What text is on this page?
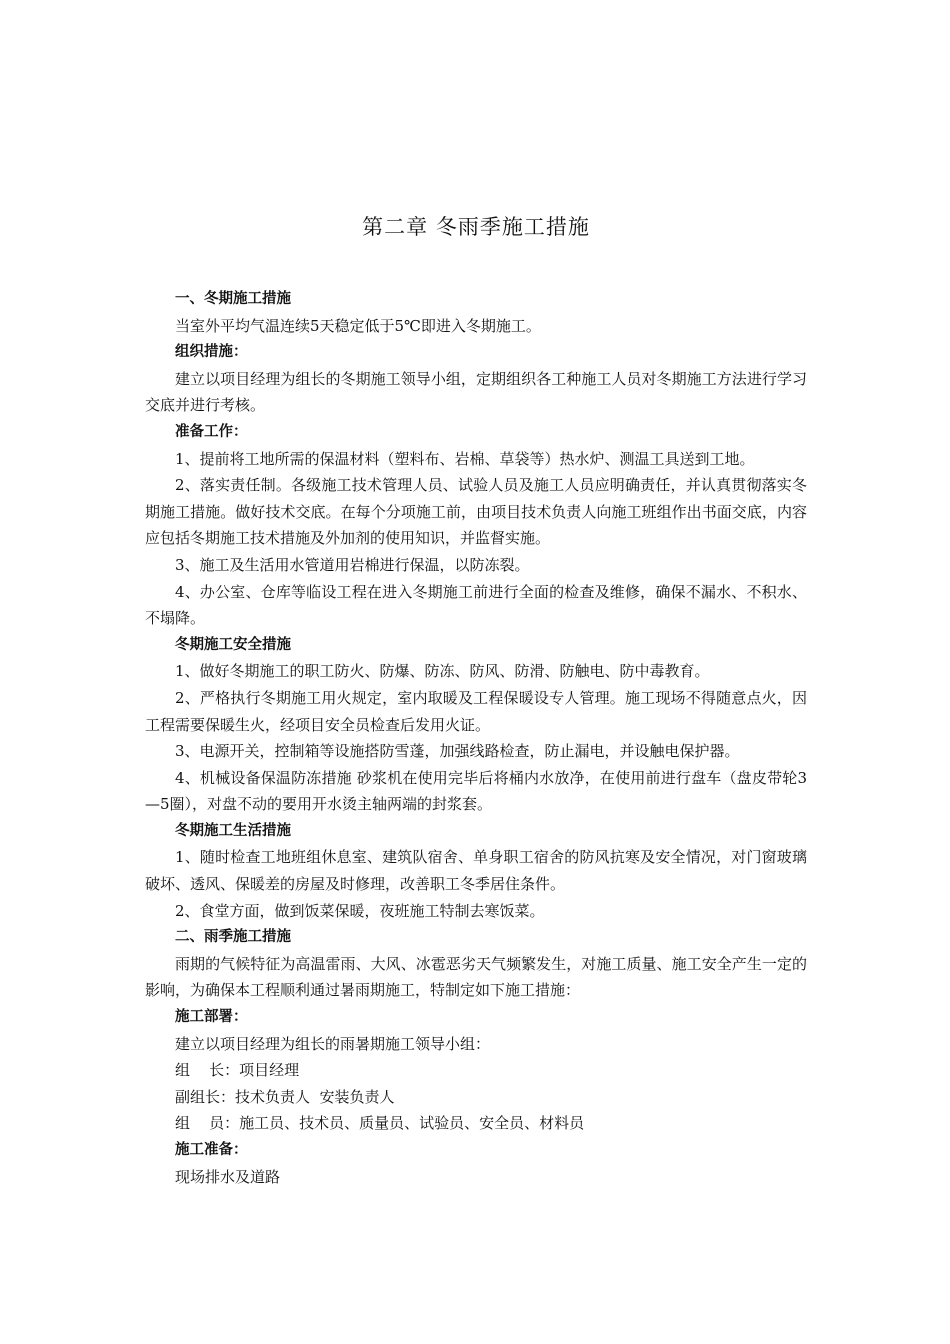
第二章 冬雨季施工措施

一、冬期施工措施

当室外平均气温连续5天稳定低于5℃即进入冬期施工。

组织措施：

建立以项目经理为组长的冬期施工领导小组，定期组织各工种施工人员对冬期施工方法进行学习交底并进行考核。

准备工作：

1、提前将工地所需的保温材料（塑料布、岩棉、草袋等）热水炉、测温工具送到工地。

2、落实责任制。各级施工技术管理人员、试验人员及施工人员应明确责任，并认真贯彻落实冬期施工措施。做好技术交底。在每个分项施工前，由项目技术负责人向施工班组作出书面交底，内容应包括冬期施工技术措施及外加剂的使用知识，并监督实施。

3、施工及生活用水管道用岩棉进行保温，以防冻裂。

4、办公室、仓库等临设工程在进入冬期施工前进行全面的检查及维修，确保不漏水、不积水、不塌降。

冬期施工安全措施

1、做好冬期施工的职工防火、防爆、防冻、防风、防滑、防触电、防中毒教育。

2、严格执行冬期施工用火规定，室内取暖及工程保暖设专人管理。施工现场不得随意点火，因工程需要保暖生火，经项目安全员检查后发用火证。

3、电源开关，控制箱等设施搭防雪蓬，加强线路检查，防止漏电，并设触电保护器。

4、机械设备保温防冻措施 砂浆机在使用完毕后将桶内水放净，在使用前进行盘车（盘皮带轮3—5圈），对盘不动的要用开水烫主轴两端的封浆套。

冬期施工生活措施

1、随时检查工地班组休息室、建筑队宿舍、单身职工宿舍的防风抗寒及安全情况，对门窗玻璃破坏、透风、保暖差的房屋及时修理，改善职工冬季居住条件。

2、食堂方面，做到饭菜保暖，夜班施工特制去寒饭菜。

二、雨季施工措施

雨期的气候特征为高温雷雨、大风、冰雹恶劣天气频繁发生，对施工质量、施工安全产生一定的影响，为确保本工程顺利通过暑雨期施工，特制定如下施工措施：

施工部署：

建立以项目经理为组长的雨暑期施工领导小组：

组    长：项目经理

副组长：技术负责人  安装负责人

组    员：施工员、技术员、质量员、试验员、安全员、材料员

施工准备：

现场排水及道路
